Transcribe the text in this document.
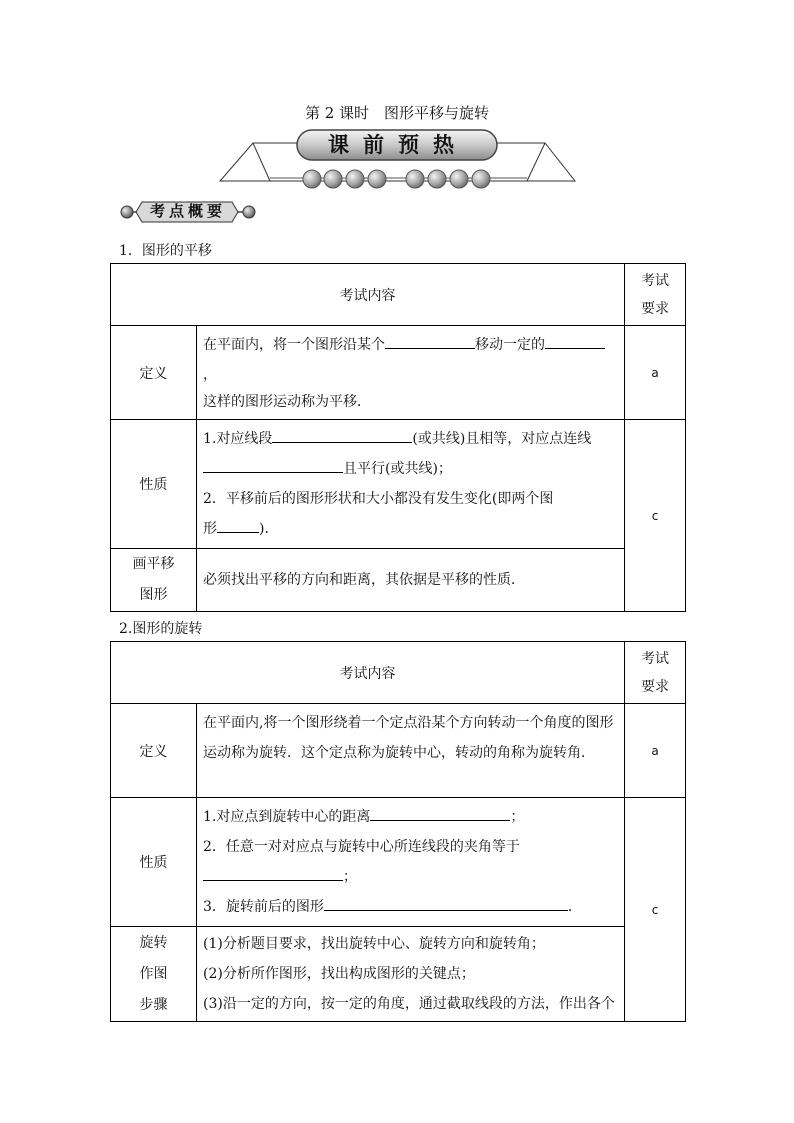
第 2 课时　图形平移与旋转
课前预热
考点概要
1．图形的平移
考试内容		考试
要求

定义	在平面内，将一个图形沿某个 移动一定的，
这样的图形运动称为平移．	a
性质	1.对应线段 (或共线)且相等，对应点连线
且平行(或共线)；
2．平移前后的图形形状和大小都没有发生变化(即两个图
形 )．	c

画平移
图形	必须找出平移的方向和距离，其依据是平移的性质．	
2.图形的旋转
考试内容		考试
要求

定义	在平面内,将一个图形绕着一个定点沿某个方向转动一个角度的图形
运动称为旋转．这个定点称为旋转中心，转动的角称为旋转角．	a
性质	1.对应点到旋转中心的距离 ；
2．任意一对对应点与旋转中心所连线段的夹角等于
；
3．旋转前后的图形 ．	c

旋转
作图
步骤	(1)分析题目要求，找出旋转中心、旋转方向和旋转角；
(2)分析所作图形，找出构成图形的关键点；
(3)沿一定的方向，按一定的角度，通过截取线段的方法，作出各个	
